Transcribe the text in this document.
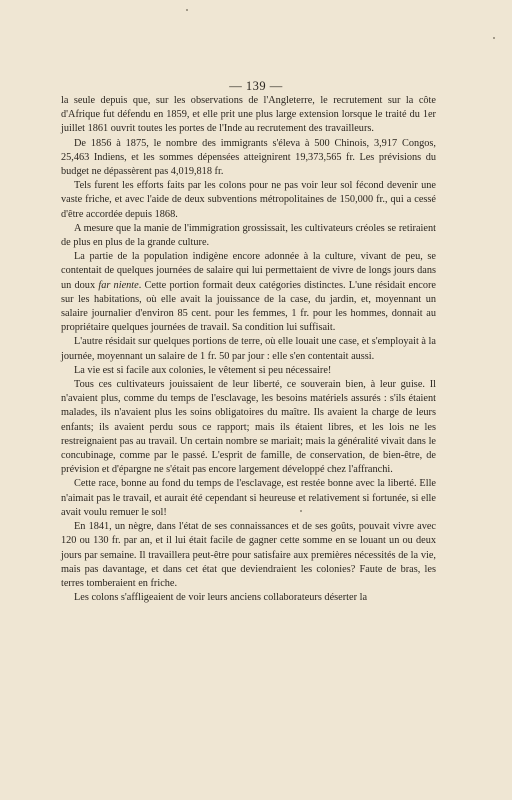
— 139 —

la seule depuis que, sur les observations de l'Angleterre, le recrutement sur la côte d'Afrique fut défendu en 1859, et elle prit une plus large extension lorsque le traité du 1er juillet 1861 ouvrit toutes les portes de l'Inde au recrutement des travailleurs.

De 1856 à 1875, le nombre des immigrants s'éleva à 500 Chinois, 3,917 Congos, 25,463 Indiens, et les sommes dépensées atteignirent 19,373,565 fr. Les prévisions du budget ne dépassèrent pas 4,019,818 fr.

Tels furent les efforts faits par les colons pour ne pas voir leur sol fécond devenir une vaste friche, et avec l'aide de deux subventions métropolitaines de 150,000 fr., qui a cessé d'être accordée depuis 1868.

A mesure que la manie de l'immigration grossissait, les cultivateurs créoles se retiraient de plus en plus de la grande culture.

La partie de la population indigène encore adonnée à la culture, vivant de peu, se contentait de quelques journées de salaire qui lui permettaient de vivre de longs jours dans un doux far niente. Cette portion formait deux catégories distinctes. L'une résidait encore sur les habitations, où elle avait la jouissance de la case, du jardin, et, moyennant un salaire journalier d'environ 85 cent. pour les femmes, 1 fr. pour les hommes, donnait au propriétaire quelques journées de travail. Sa condition lui suffisait.

L'autre résidait sur quelques portions de terre, où elle louait une case, et s'employait à la journée, moyennant un salaire de 1 fr. 50 par jour : elle s'en contentait aussi.

La vie est si facile aux colonies, le vêtement si peu nécessaire!

Tous ces cultivateurs jouissaient de leur liberté, ce souverain bien, à leur guise. Il n'avaient plus, comme du temps de l'esclavage, les besoins matériels assurés : s'ils étaient malades, ils n'avaient plus les soins obligatoires du maître. Ils avaient la charge de leurs enfants; ils avaient perdu sous ce rapport; mais ils étaient libres, et les lois ne les restreignaient pas au travail. Un certain nombre se mariait; mais la généralité vivait dans le concubinage, comme par le passé. L'esprit de famille, de conservation, de bien-être, de prévision et d'épargne ne s'était pas encore largement développé chez l'affranchi.

Cette race, bonne au fond du temps de l'esclavage, est restée bonne avec la liberté. Elle n'aimait pas le travail, et aurait été cependant si heureuse et relativement si fortunée, si elle avait voulu remuer le sol!

En 1841, un nègre, dans l'état de ses connaissances et de ses goûts, pouvait vivre avec 120 ou 130 fr. par an, et il lui était facile de gagner cette somme en se louant un ou deux jours par semaine. Il travaillera peut-être pour satisfaire aux premières nécessités de la vie, mais pas davantage, et dans cet état que deviendraient les colonies? Faute de bras, les terres tomberaient en friche.

Les colons s'affligeaient de voir leurs anciens collaborateurs déserter la
